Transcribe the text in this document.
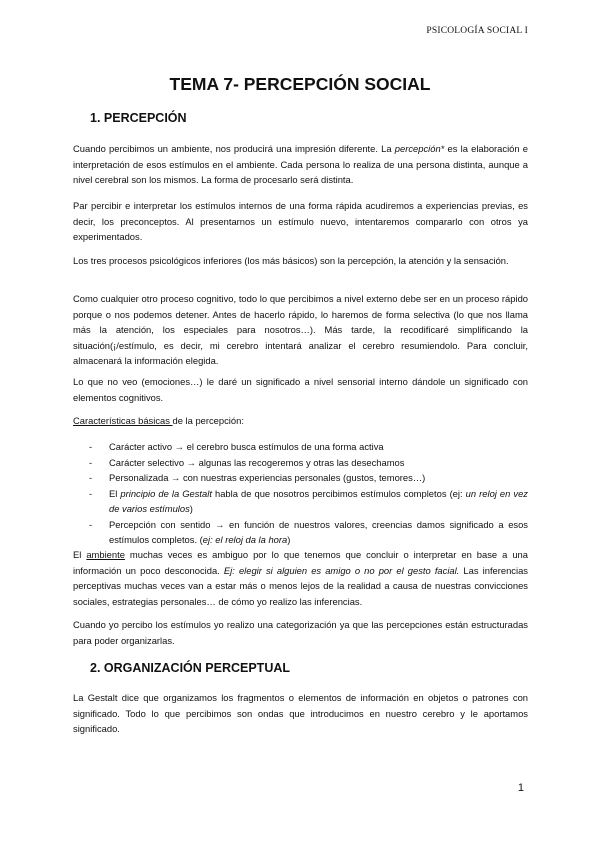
PSICOLOGÍA SOCIAL I
TEMA 7- PERCEPCIÓN SOCIAL
1. PERCEPCIÓN

Cuando percibimos un ambiente, nos producirá una impresión diferente. La percepción* es la elaboración e interpretación de esos estímulos en el ambiente. Cada persona lo realiza de una persona distinta, aunque a nivel cerebral son los mismos. La forma de procesarlo será distinta.

Par percibir e interpretar los estímulos internos de una forma rápida acudiremos a experiencias previas, es decir, los preconceptos. Al presentarnos un estímulo nuevo, intentaremos compararlo con otros ya experimentados.

Los tres procesos psicológicos inferiores (los más básicos) son la percepción, la atención y la sensación.

Como cualquier otro proceso cognitivo, todo lo que percibimos a nivel externo debe ser en un proceso rápido porque o nos podemos detener. Antes de hacerlo rápido, lo haremos de forma selectiva (lo que nos llama más la atención, los especiales para nosotros…). Más tarde, la recodificaré simplificando la situación(¡/estímulo, es decir, mi cerebro intentará analizar el cerebro resumiendolo. Para concluir, almacenará la información elegida.

Lo que no veo (emociones…) le daré un significado a nivel sensorial interno dándole un significado con elementos cognitivos.

Características básicas de la percepción:

- Carácter activo → el cerebro busca estímulos de una forma activa
- Carácter selectivo → algunas las recogeremos y otras las desechamos
- Personalizada → con nuestras experiencias personales (gustos, temores…)
- El principio de la Gestalt habla de que nosotros percibimos estímulos completos (ej: un reloj en vez de varios estímulos)
- Percepción con sentido → en función de nuestros valores, creencias damos significado a esos estímulos completos. (ej: el reloj da la hora)

El ambiente muchas veces es ambiguo por lo que tenemos que concluir o interpretar en base a una información un poco desconocida. Ej: elegir si alguien es amigo o no por el gesto facial. Las inferencias perceptivas muchas veces van a estar más o menos lejos de la realidad a causa de nuestras convicciones sociales, estrategias personales… de cómo yo realizo las inferencias.

Cuando yo percibo los estímulos yo realizo una categorización ya que las percepciones están estructuradas para poder organizarlas.

2. ORGANIZACIÓN PERCEPTUAL

La Gestalt dice que organizamos los fragmentos o elementos de información en objetos o patrones con significado. Todo lo que percibimos son ondas que introducimos en nuestro cerebro y le aportamos significado.

1
